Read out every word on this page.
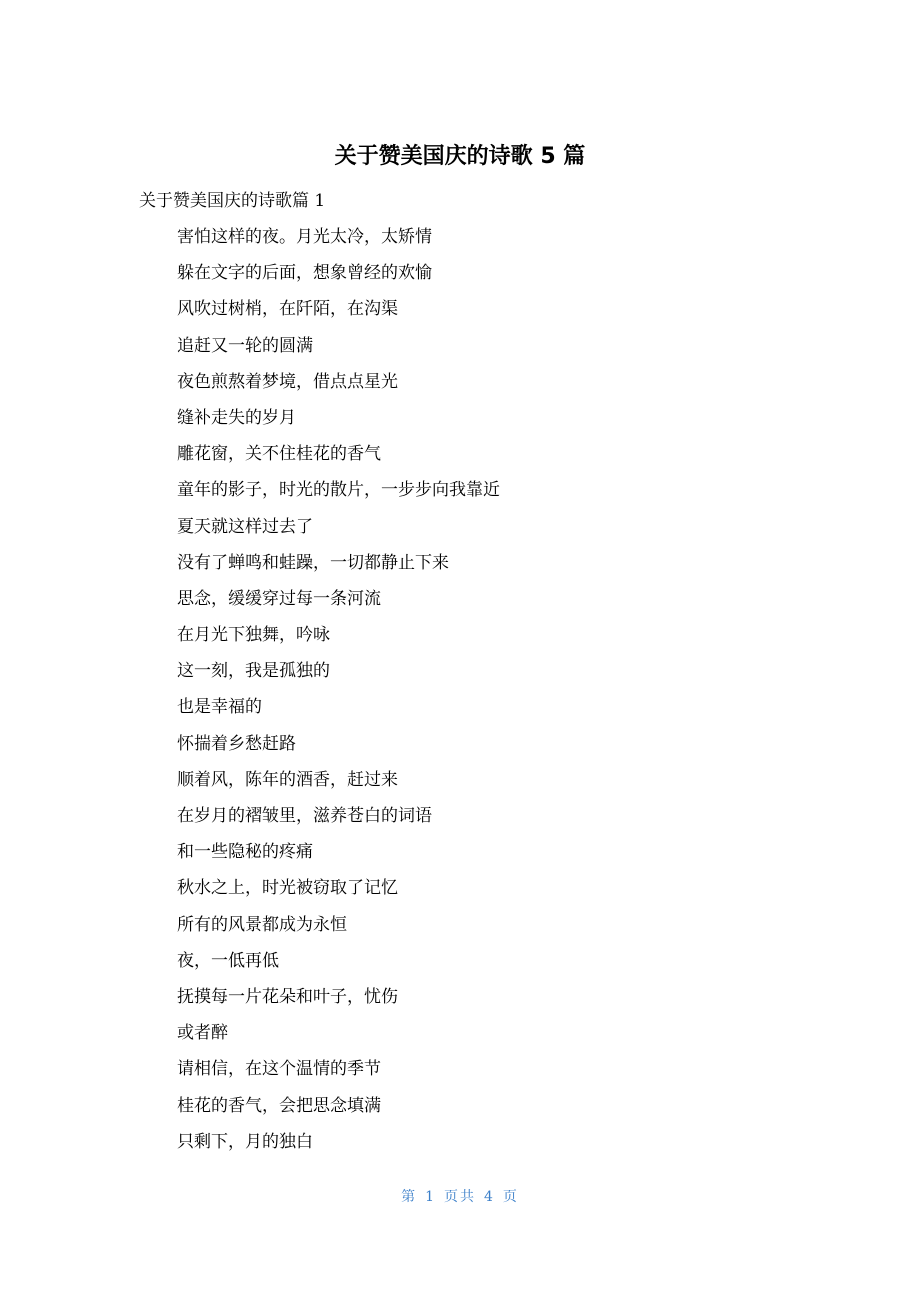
关于赞美国庆的诗歌 5 篇

关于赞美国庆的诗歌篇 1

害怕这样的夜。月光太冷，太矫情
躲在文字的后面，想象曾经的欢愉
风吹过树梢，在阡陌，在沟渠
追赶又一轮的圆满
夜色煎熬着梦境，借点点星光
缝补走失的岁月
雕花窗，关不住桂花的香气
童年的影子，时光的散片，一步步向我靠近
夏天就这样过去了
没有了蝉鸣和蛙躁，一切都静止下来
思念，缓缓穿过每一条河流
在月光下独舞，吟咏
这一刻，我是孤独的
也是幸福的
怀揣着乡愁赶路
顺着风，陈年的酒香，赶过来
在岁月的褶皱里，滋养苍白的词语
和一些隐秘的疼痛
秋水之上，时光被窃取了记忆
所有的风景都成为永恒
夜，一低再低
抚摸每一片花朵和叶子，忧伤
或者醉
请相信，在这个温情的季节
桂花的香气，会把思念填满
只剩下，月的独白
第 1 页共 4 页
